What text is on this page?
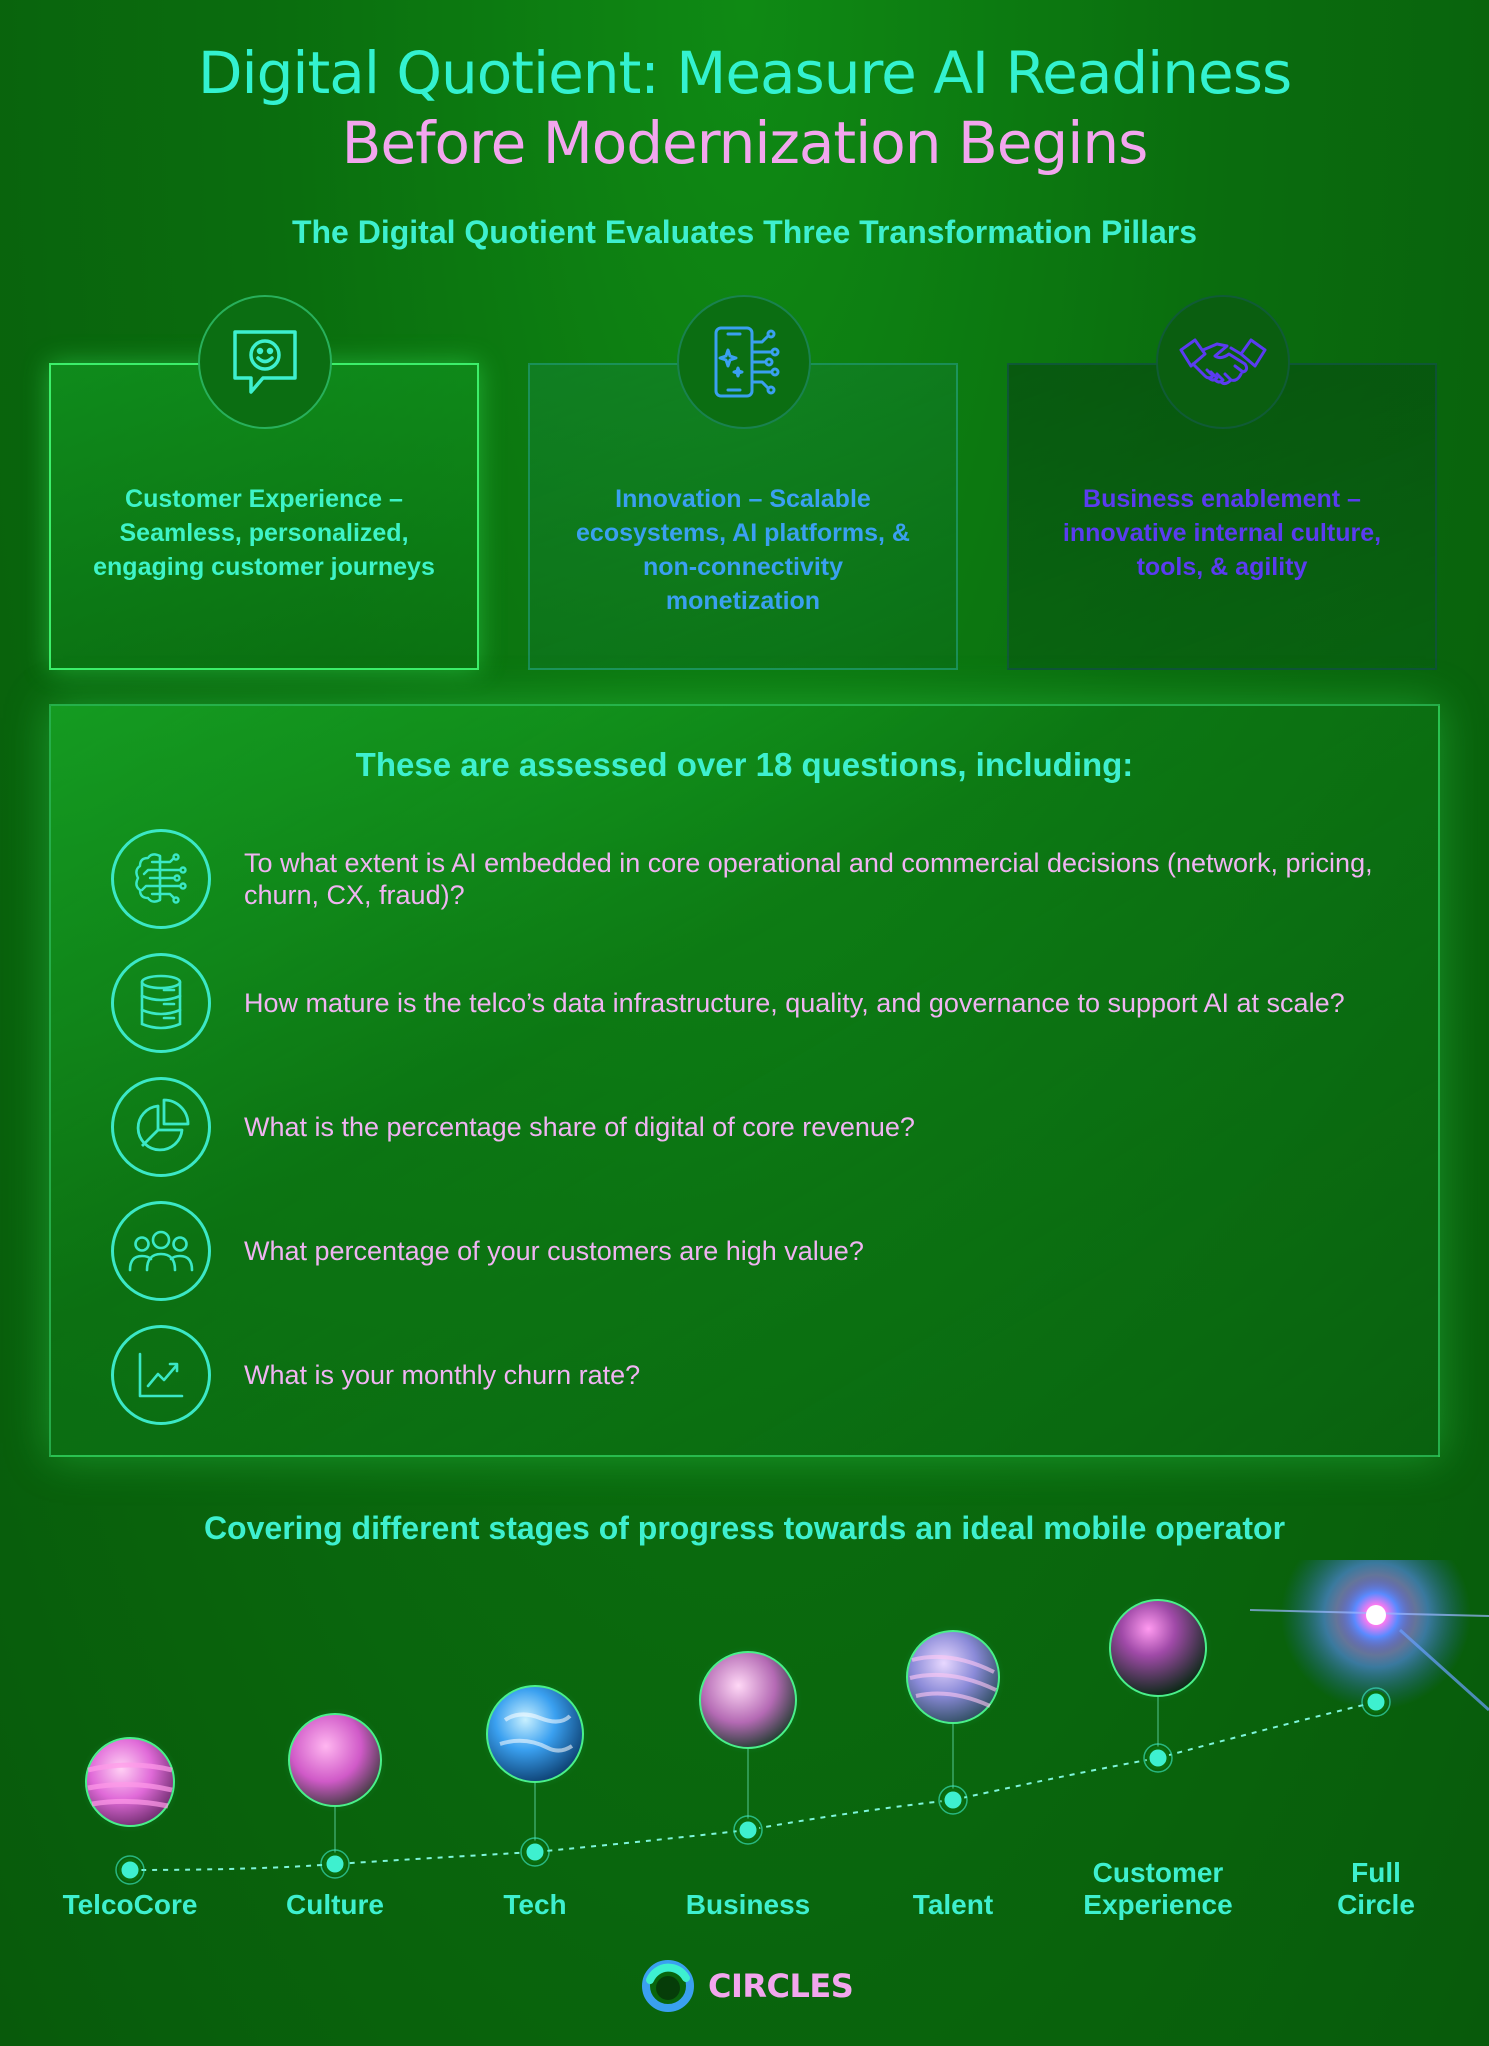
Digital Quotient: Measure AI Readiness
Before Modernization Begins
The Digital Quotient Evaluates Three Transformation Pillars
Customer Experience – Seamless, personalized, engaging customer journeys
Innovation – Scalable ecosystems, AI platforms, & non-connectivity monetization
Business enablement – innovative internal culture, tools, & agility
These are assessed over 18 questions, including:
To what extent is AI embedded in core operational and commercial decisions (network, pricing, churn, CX, fraud)?
How mature is the telco’s data infrastructure, quality, and governance to support AI at scale?
What is the percentage share of digital of core revenue?
What percentage of your customers are high value?
What is your monthly churn rate?
Covering different stages of progress towards an ideal mobile operator
TelcoCore	Culture	Tech	Business	Talent
Customer
Experience
Full
Circle
CIRCLES
